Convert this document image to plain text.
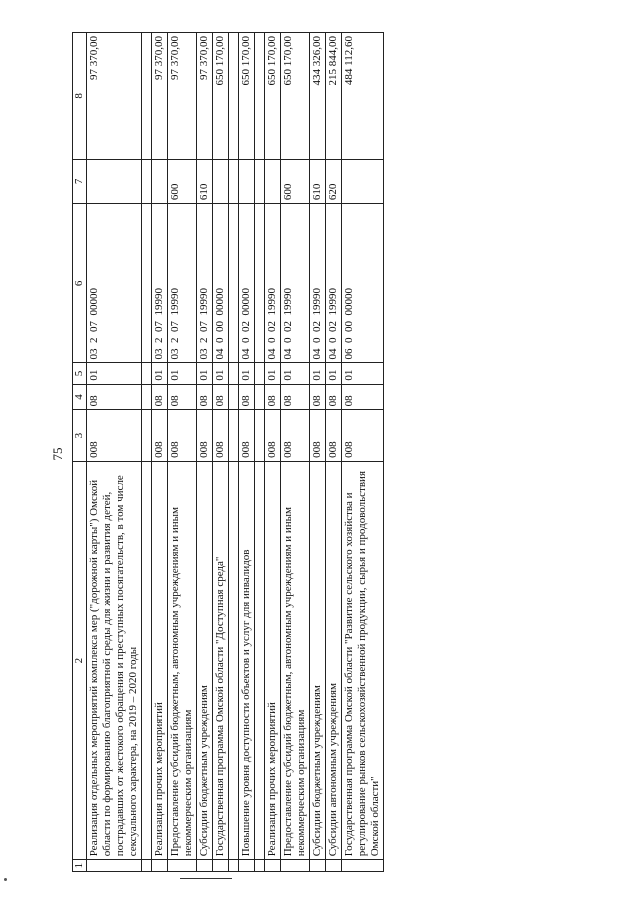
75
1	2	3	4	5	6	7	8
	Реализация отдельных мероприятий комплекса мер ("дорожной карты") Омской области по формированию благоприятной среды для жизни и развития детей, пострадавших от жестокого обращения и преступных посягательств, в том числе сексуального характера, на 2019 – 2020 годы	008	08	01	03  2  07  00000		97 370,00

	Реализация прочих мероприятий	008	08	01	03  2  07  19990		97 370,00
	Предоставление субсидий бюджетным, автономным учреждениям и иным некоммерческим организациям	008	08	01	03  2  07  19990	600	97 370,00
	Субсидии бюджетным учреждениям	008	08	01	03  2  07  19990	610	97 370,00
	Государственная программа Омской области "Доступная среда"	008	08	01	04  0  00  00000		650 170,00

	Повышение уровня доступности объектов и услуг для инвалидов	008	08	01	04  0  02  00000		650 170,00

	Реализация прочих мероприятий	008	08	01	04  0  02  19990		650 170,00
	Предоставление субсидий бюджетным, автономным учреждениям и иным некоммерческим организациям	008	08	01	04  0  02  19990	600	650 170,00
	Субсидии бюджетным учреждениям	008	08	01	04  0  02  19990	610	434 326,00
	Субсидии автономным учреждениям	008	08	01	04  0  02  19990	620	215 844,00
	Государственная программа Омской области "Развитие сельского хозяйства и регулирование рынков сельскохозяйственной продукции, сырья и продовольствия Омской области"	008	08	01	06  0  00  00000		484 112,60
